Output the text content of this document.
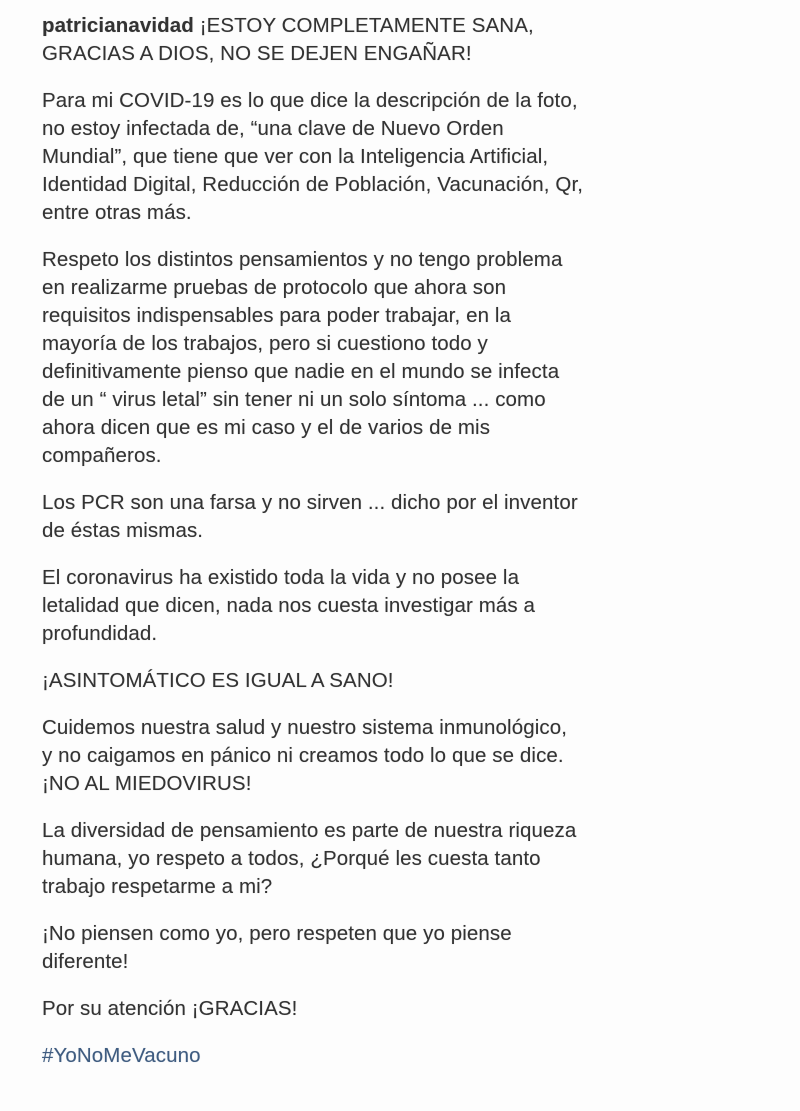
patricianavidad ¡ESTOY COMPLETAMENTE SANA,
GRACIAS A DIOS, NO SE DEJEN ENGAÑAR!
Para mi COVID-19 es lo que dice la descripción de la foto,
no estoy infectada de, “una clave de Nuevo Orden
Mundial”, que tiene que ver con la Inteligencia Artificial,
Identidad Digital, Reducción de Población, Vacunación, Qr,
entre otras más.
Respeto los distintos pensamientos y no tengo problema
en realizarme pruebas de protocolo que ahora son
requisitos indispensables para poder trabajar, en la
mayoría de los trabajos, pero si cuestiono todo y
definitivamente pienso que nadie en el mundo se infecta
de un “ virus letal” sin tener ni un solo síntoma ... como
ahora dicen que es mi caso y el de varios de mis
compañeros.
Los PCR son una farsa y no sirven ... dicho por el inventor
de éstas mismas.
El coronavirus ha existido toda la vida y no posee la
letalidad que dicen, nada nos cuesta investigar más a
profundidad.
¡ASINTOMÁTICO ES IGUAL A SANO!
Cuidemos nuestra salud y nuestro sistema inmunológico,
y no caigamos en pánico ni creamos todo lo que se dice.
¡NO AL MIEDOVIRUS!
La diversidad de pensamiento es parte de nuestra riqueza
humana, yo respeto a todos, ¿Porqué les cuesta tanto
trabajo respetarme a mi?
¡No piensen como yo, pero respeten que yo piense
diferente!
Por su atención ¡GRACIAS!
#YoNoMeVacuno
